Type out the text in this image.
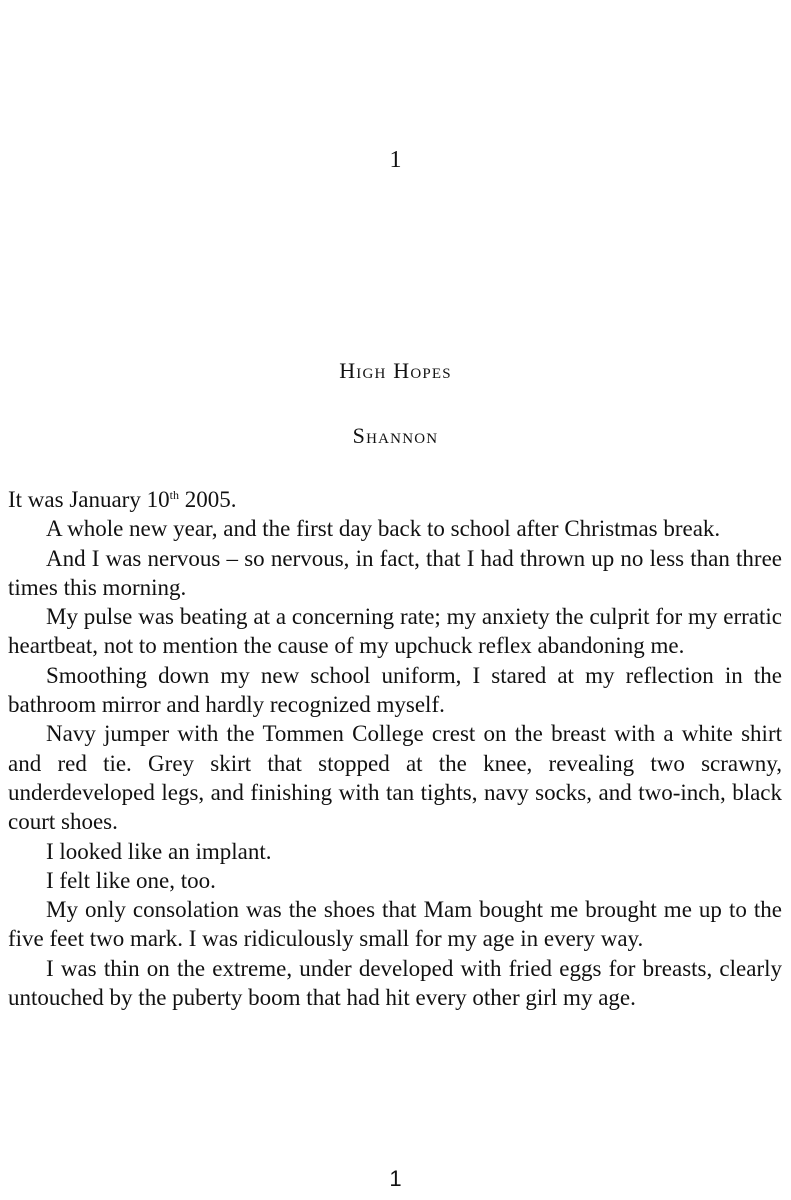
1
High Hopes
Shannon

It was January 10th 2005.

A whole new year, and the first day back to school after Christmas break.

And I was nervous – so nervous, in fact, that I had thrown up no less than three times this morning.

My pulse was beating at a concerning rate; my anxiety the culprit for my erratic heartbeat, not to mention the cause of my upchuck reflex abandoning me.

Smoothing down my new school uniform, I stared at my reflection in the bathroom mirror and hardly recognized myself.

Navy jumper with the Tommen College crest on the breast with a white shirt and red tie. Grey skirt that stopped at the knee, revealing two scrawny, underdeveloped legs, and finishing with tan tights, navy socks, and two-inch, black court shoes.

I looked like an implant.

I felt like one, too.

My only consolation was the shoes that Mam bought me brought me up to the five feet two mark. I was ridiculously small for my age in every way.

I was thin on the extreme, under developed with fried eggs for breasts, clearly untouched by the puberty boom that had hit every other girl my age.

1
